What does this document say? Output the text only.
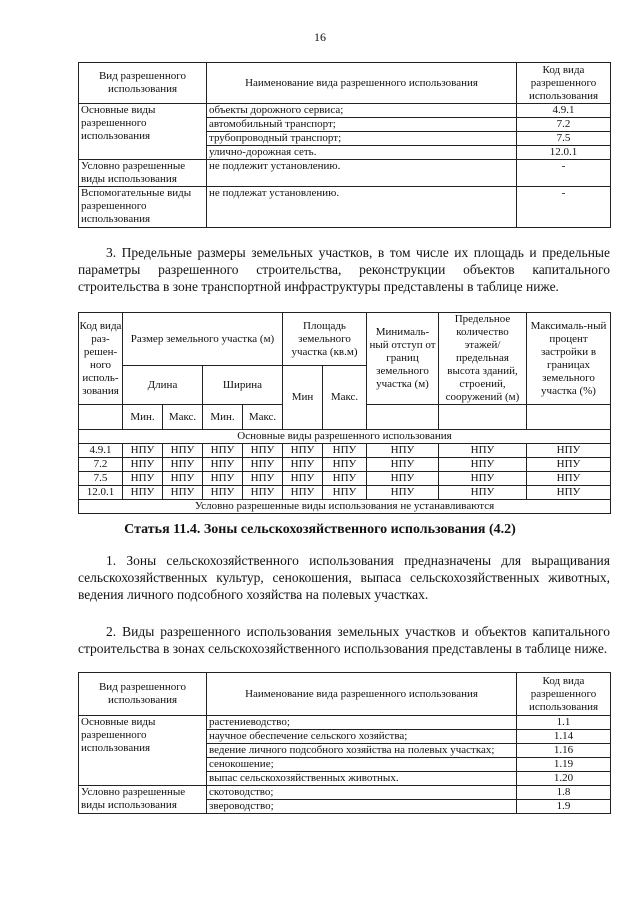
16
Вид разрешенного использования	Наименование вида разрешенного использования	Код вида разрешенного использования
Основные виды разрешенного использования	объекты дорожного сервиса;	4.9.1
	автомобильный транспорт;	7.2
	трубопроводный транспорт;	7.5
	улично-дорожная сеть.	12.0.1
Условно разрешенные виды использования	не подлежит установлению.	-
Вспомогательные виды разрешенного использования	не подлежат установлению.	-

3. Предельные размеры земельных участков, в том числе их площадь и предельные параметры разрешенного строительства, реконструкции объектов капитального строительства в зоне транспортной инфраструктуры представлены в таблице ниже.

Код вида раз-решен-ного исполь-зования	Размер земельного участка (м)				Площадь земельного участка (кв.м)		Минималь-ный отступ от границ земельного участка (м)	Предельное количество этажей/ предельная высота зданий, строений, сооружений (м)	Максималь-ный процент застройки в границах земельного участка (%)

	Длина		Ширина		Мин	Макс.			
	Мин.	Макс.	Мин.	Макс.					
Основные виды разрешенного использования									
4.9.1	НПУ	НПУ	НПУ	НПУ	НПУ	НПУ	НПУ	НПУ	НПУ
7.2	НПУ	НПУ	НПУ	НПУ	НПУ	НПУ	НПУ	НПУ	НПУ
7.5	НПУ	НПУ	НПУ	НПУ	НПУ	НПУ	НПУ	НПУ	НПУ
12.0.1	НПУ	НПУ	НПУ	НПУ	НПУ	НПУ	НПУ	НПУ	НПУ
Условно разрешенные виды использования не устанавливаются									
Статья 11.4. Зоны сельскохозяйственного использования (4.2)

1. Зоны сельскохозяйственного использования предназначены для выращивания сельскохозяйственных культур, сенокошения, выпаса сельскохозяйственных животных, ведения личного подсобного хозяйства на полевых участках.

2. Виды разрешенного использования земельных участков и объектов капитального строительства в зонах сельскохозяйственного использования представлены в таблице ниже.

Вид разрешенного использования	Наименование вида разрешенного использования	Код вида разрешенного использования
Основные виды разрешенного использования	растениеводство;	1.1
	научное обеспечение сельского хозяйства;	1.14
	ведение личного подсобного хозяйства на полевых участках;	1.16
	сенокошение;	1.19
	выпас сельскохозяйственных животных.	1.20
Условно разрешенные виды использования	скотоводство;	1.8
	звероводство;	1.9
